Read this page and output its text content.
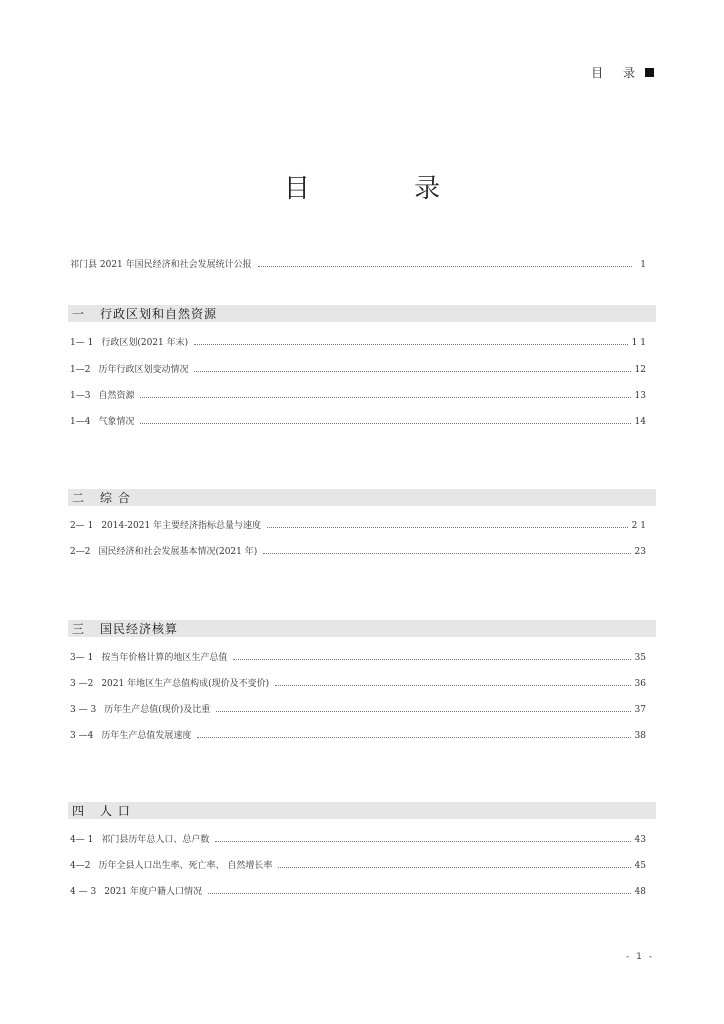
目 录
目 录
祁门县 2021 年国民经济和社会发展统计公报	1
一 行政区划和自然资源
1— 1 行政区划(2021 年末)	1 1
1—2 历年行政区划变动情况	12
1—3 自然资源	13
1—4 气象情况	14
二 综 合
2— 1 2014-2021 年主要经济指标总量与速度	2 1
2—2 国民经济和社会发展基本情况(2021 年)	23
三 国民经济核算
3— 1 按当年价格计算的地区生产总值	35
3 —2 2021 年地区生产总值构成(现价及不变价)	36
3 — 3 历年生产总值(现价)及比重	37
3 —4 历年生产总值发展速度	38
四 人 口
4— 1 祁门县历年总人口、总户数	43
4—2 历年全县人口出生率、死亡率、 自然增长率	45
4 — 3 2021 年度户籍人口情况	48
- 1 -
